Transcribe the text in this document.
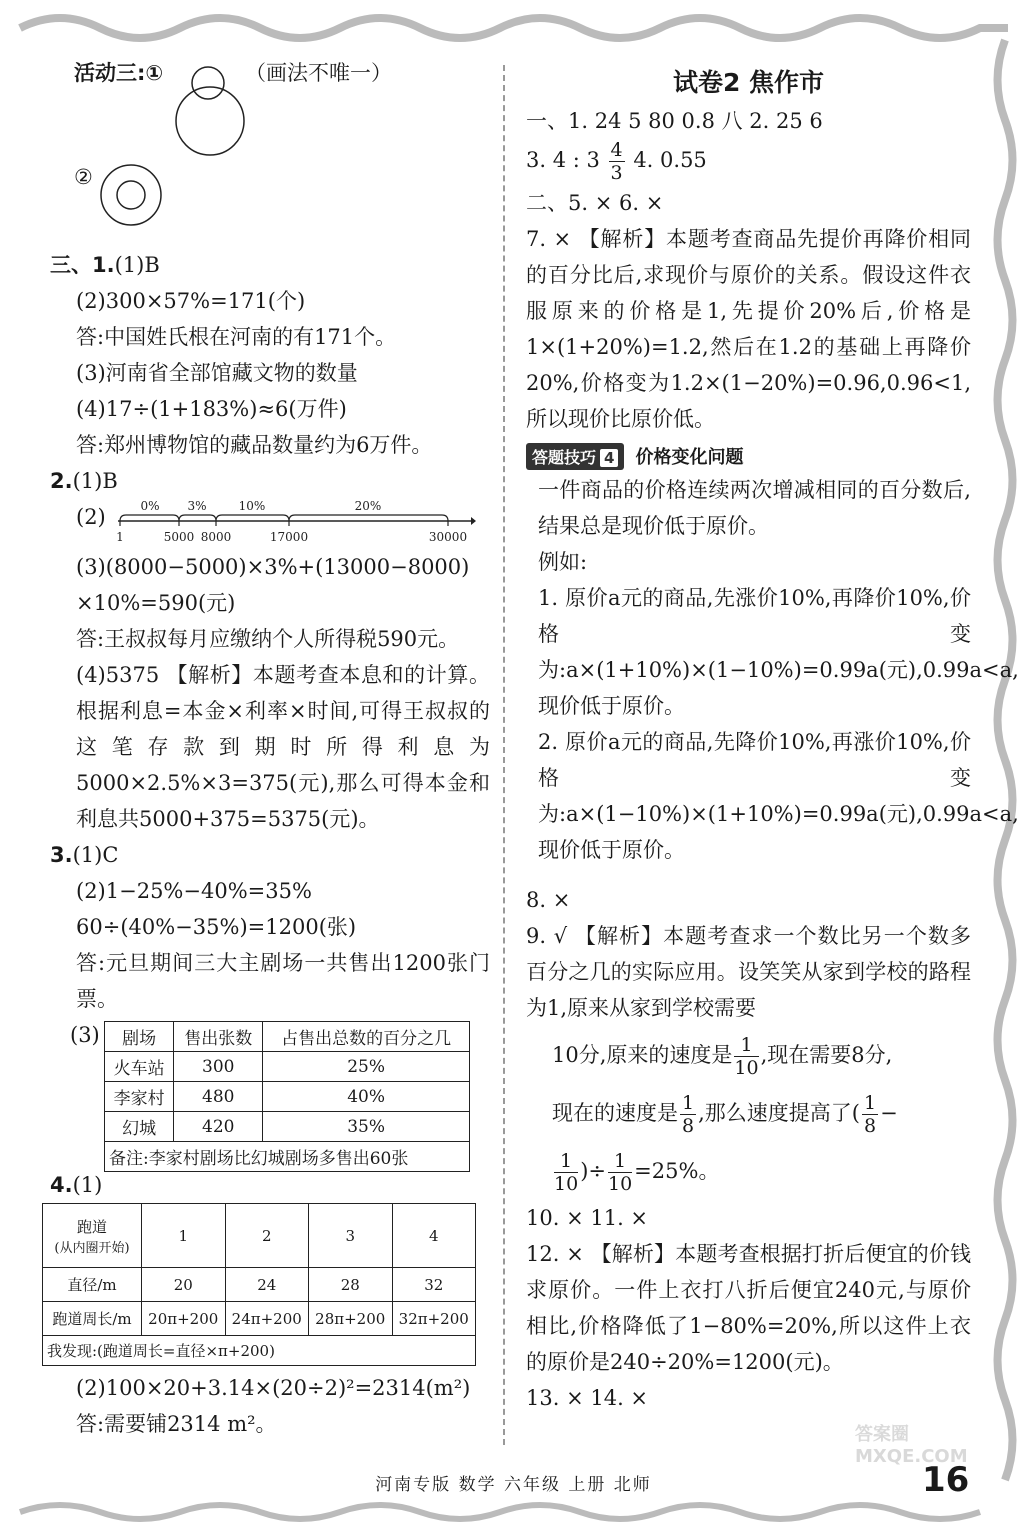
活动三:①	（画法不唯一）
②
三、1.(1)B
(2)300×57%=171(个)
答:中国姓氏根在河南的有171个。
(3)河南省全部馆藏文物的数量
(4)17÷(1+183%)≈6(万件)
答:郑州博物馆的藏品数量约为6万件。
2.(1)B
(2)	0% 3%	10%	20%
1	5000 8000	17000	30000
(3)(8000−5000)×3%+(13000−8000)
×10%=590(元)
答:王叔叔每月应缴纳个人所得税590元。
(4)5375 【解析】本题考查本息和的计算。根据利息=本金×利率×时间,可得王叔叔的这笔存款到期时所得利息为5000×2.5%×3=375(元),那么可得本金和利息共5000+375=5375(元)。
3.(1)C
(2)1−25%−40%=35%
60÷(40%−35%)=1200(张)
答:元旦期间三大主剧场一共售出1200张门票。
(3) 剧场	售出张数	占售出总数的百分之几
火车站	300	25%
李家村	480	40%
幻城	420	35%
备注:李家村剧场比幻城剧场多售出60张		
4.(1)
跑道
(从内圈开始)	1	2	3	4
直径/m	20	24	28	32
跑道周长/m	20π+200	24π+200	28π+200	32π+200
我发现:(跑道周长=直径×π+200)				
(2)100×20+3.14×(20÷2)²=2314(m²)
答:需要铺2314 m²。
试卷2 焦作市
一、1. 24 5 80 0.8 八 2. 25 6
3. 4 : $3 \frac{4}{3} 4$. 0.55
二、5. × 6. ×
7. × 【解析】本题考查商品先提价再降价相同的百分比后,求现价与原价的关系。假设这件衣服原来的价格是1,先提价20%后,价格是1×(1+20%)=1.2,然后在1.2的基础上再降价20%,价格变为1.2×(1−20%)=0.96,0.96<1,所以现价比原价低。
答题技巧 4 价格变化问题
一件商品的价格连续两次增减相同的百分数后,结果总是现价低于原价。
例如:
1. 原价a元的商品,先涨价10%,再降价10%,价格变为:a×(1+10%)×(1−10%)=0.99a(元),0.99a<a,现价低于原价。
2. 原价a元的商品,先降价10%,再涨价10%,价格变为:a×(1−10%)×(1+10%)=0.99a(元),0.99a<a,现价低于原价。
8. ×
9. √ 【解析】本题考查求一个数比另一个数多百分之几的实际应用。设笑笑从家到学校的路程为1,原来从家到学校需要
10分,原来的速度是 $\frac{1}{10}$ ,现在需要8分,
现在的速度是 $\frac{1}{8}$ ,那么速度提高了( $\frac{1}{8}$ −
$\frac{1}{10}$ )÷ $\frac{1}{10} =25\%$。
10. × 11. ×
12. × 【解析】本题考查根据打折后便宜的价钱求原价。一件上衣打八折后便宜240元,与原价相比,价格降低了1−80%=20%,所以这件上衣的原价是240÷20%=1200(元)。
13. × 14. ×
答案圈 MXQE.COM
河南专版 数学 六年级 上册 北师	16
